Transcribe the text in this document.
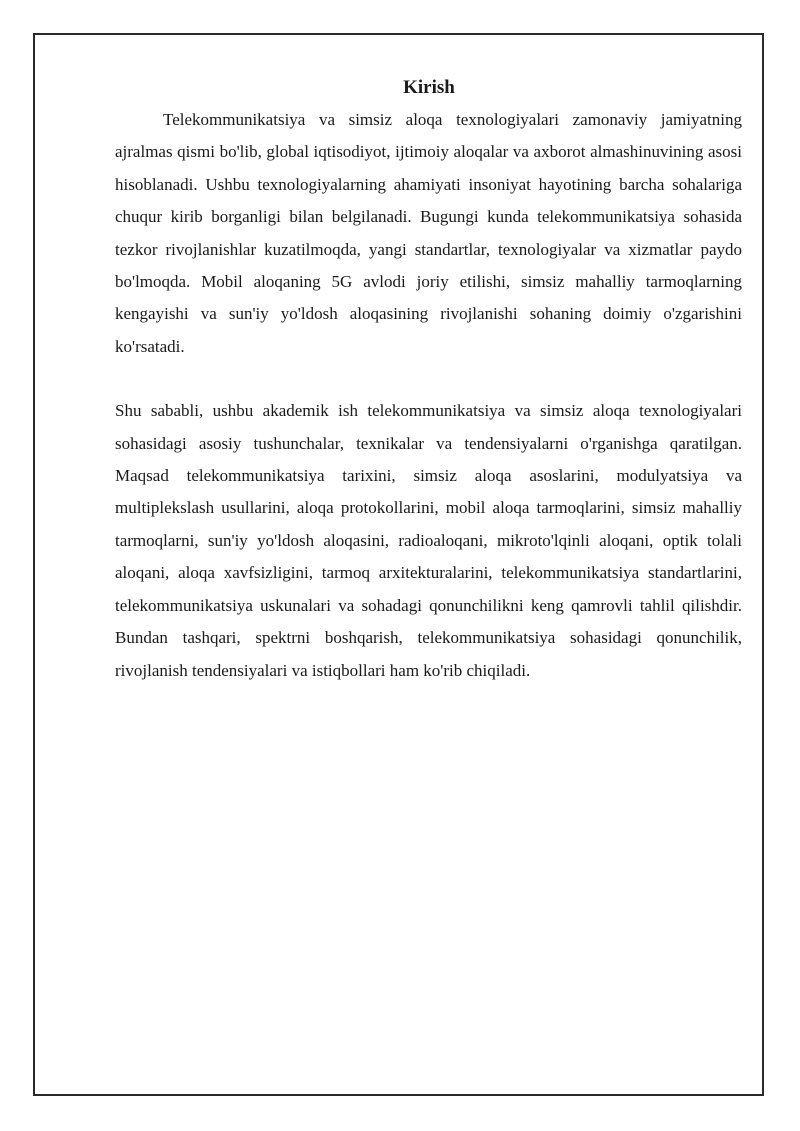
Kirish

Telekommunikatsiya va simsiz aloqa texnologiyalari zamonaviy jamiyatning ajralmas qismi bo'lib, global iqtisodiyot, ijtimoiy aloqalar va axborot almashinuvining asosi hisoblanadi. Ushbu texnologiyalarning ahamiyati insoniyat hayotining barcha sohalariga chuqur kirib borganligi bilan belgilanadi. Bugungi kunda telekommunikatsiya sohasida tezkor rivojlanishlar kuzatilmoqda, yangi standartlar, texnologiyalar va xizmatlar paydo bo'lmoqda. Mobil aloqaning 5G avlodi joriy etilishi, simsiz mahalliy tarmoqlarning kengayishi va sun'iy yo'ldosh aloqasining rivojlanishi sohaning doimiy o'zgarishini ko'rsatadi.

Shu sababli, ushbu akademik ish telekommunikatsiya va simsiz aloqa texnologiyalari sohasidagi asosiy tushunchalar, texnikalar va tendensiyalarni o'rganishga qaratilgan. Maqsad telekommunikatsiya tarixini, simsiz aloqa asoslarini, modulyatsiya va multiplekslash usullarini, aloqa protokollarini, mobil aloqa tarmoqlarini, simsiz mahalliy tarmoqlarni, sun'iy yo'ldosh aloqasini, radioaloqani, mikroto'lqinli aloqani, optik tolali aloqani, aloqa xavfsizligini, tarmoq arxitekturalarini, telekommunikatsiya standartlarini, telekommunikatsiya uskunalari va sohadagi qonunchilikni keng qamrovli tahlil qilishdir. Bundan tashqari, spektrni boshqarish, telekommunikatsiya sohasidagi qonunchilik, rivojlanish tendensiyalari va istiqbollari ham ko'rib chiqiladi.
